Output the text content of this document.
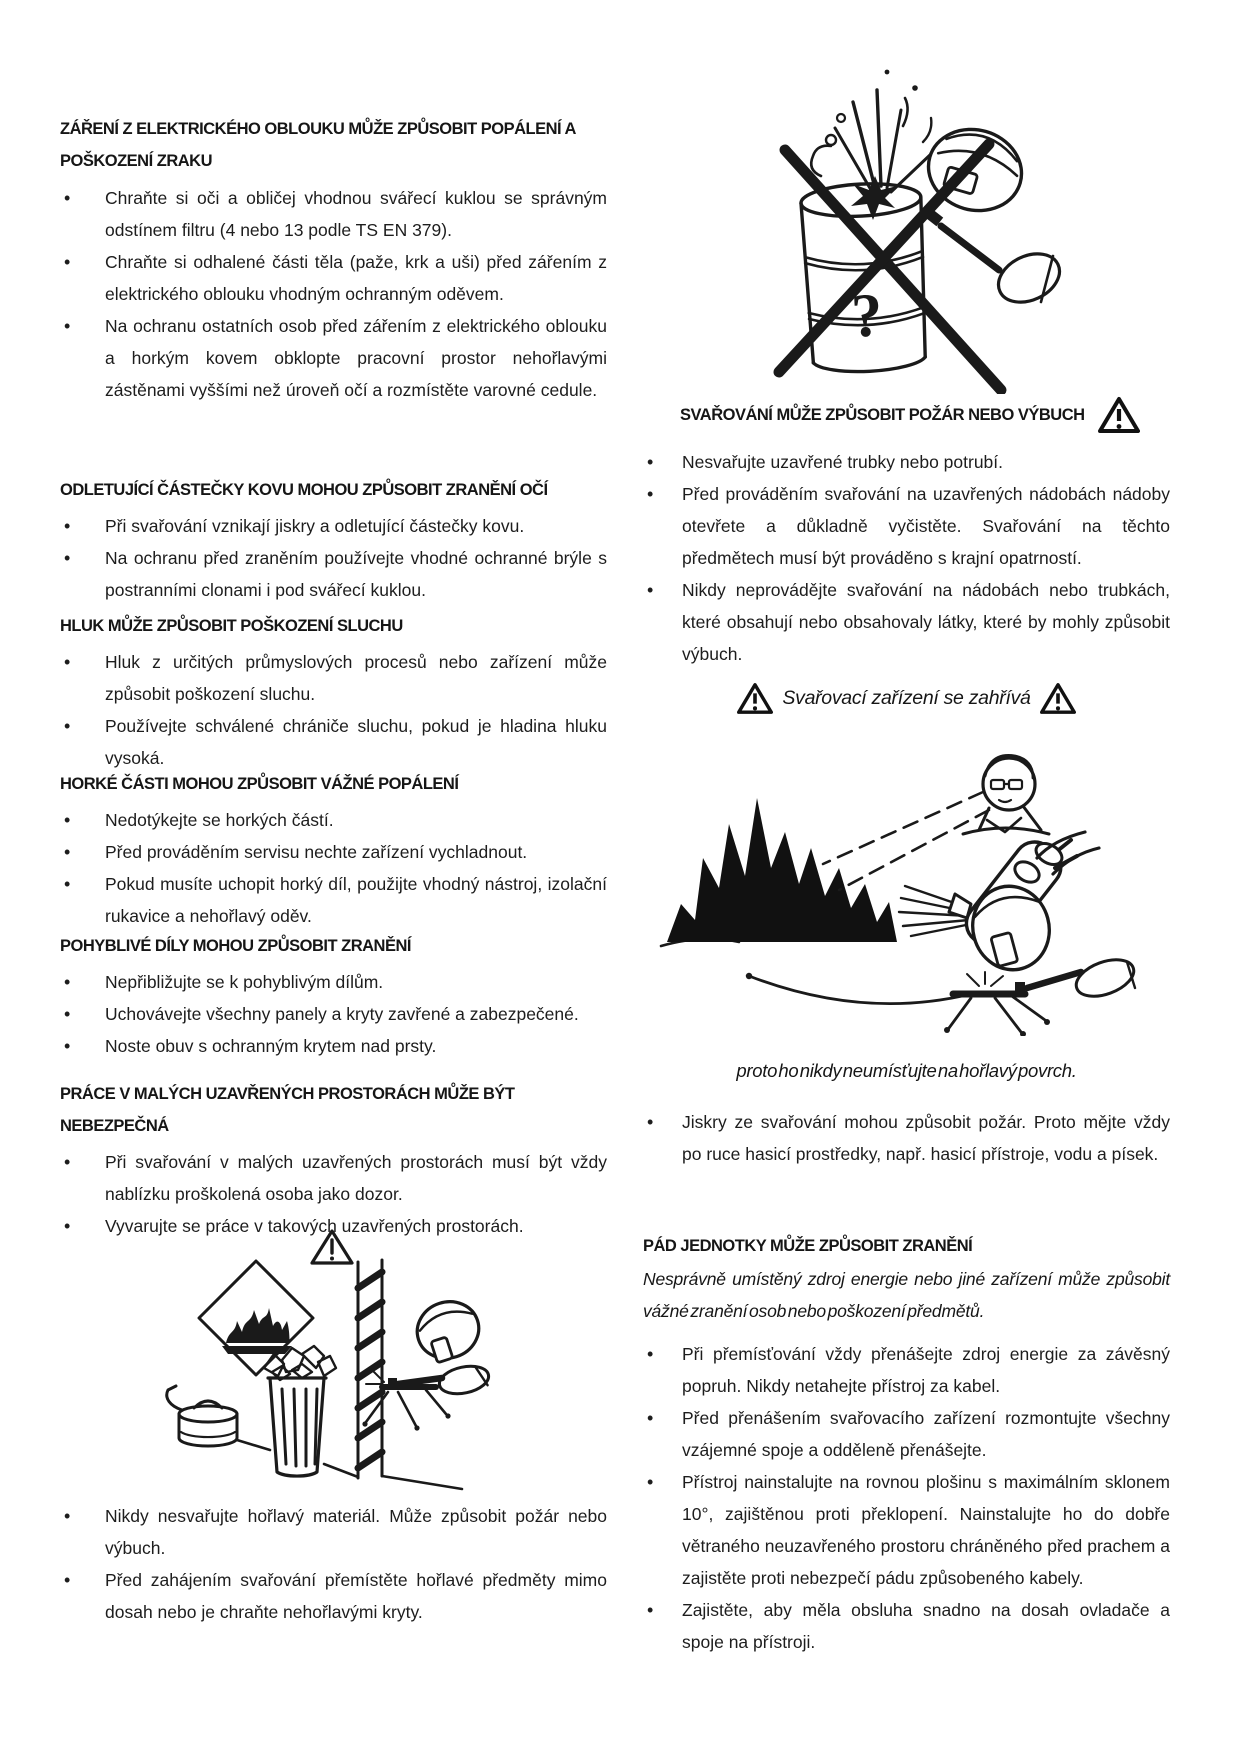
ZÁŘENÍ Z ELEKTRICKÉHO OBLOUKU MŮŽE ZPŮSOBIT POPÁLENÍ A
POŠKOZENÍ ZRAKU
• Chraňte si oči a obličej vhodnou svářecí kuklou se správným odstínem filtru (4 nebo 13 podle TS EN 379).
• Chraňte si odhalené části těla (paže, krk a uši) před zářením z elektrického oblouku vhodným ochranným oděvem.
• Na ochranu ostatních osob před zářením z elektrického oblouku a horkým kovem obklopte pracovní prostor nehořlavými zástěnami vyššími než úroveň očí a rozmístěte varovné cedule.
ODLETUJÍCÍ ČÁSTEČKY KOVU MOHOU ZPŮSOBIT ZRANĚNÍ OČÍ
• Při svařování vznikají jiskry a odletující částečky kovu.
• Na ochranu před zraněním používejte vhodné ochranné brýle s postranními clonami i pod svářecí kuklou.
HLUK MŮŽE ZPŮSOBIT POŠKOZENÍ SLUCHU
• Hluk z určitých průmyslových procesů nebo zařízení může způsobit poškození sluchu.
• Používejte schválené chrániče sluchu, pokud je hladina hluku vysoká.
HORKÉ ČÁSTI MOHOU ZPŮSOBIT VÁŽNÉ POPÁLENÍ
• Nedotýkejte se horkých částí.
• Před prováděním servisu nechte zařízení vychladnout.
• Pokud musíte uchopit horký díl, použijte vhodný nástroj, izolační rukavice a nehořlavý oděv.
POHYBLIVÉ DÍLY MOHOU ZPŮSOBIT ZRANĚNÍ
• Nepřibližujte se k pohyblivým dílům.
• Uchovávejte všechny panely a kryty zavřené a zabezpečené.
• Noste obuv s ochranným krytem nad prsty.
PRÁCE V MALÝCH UZAVŘENÝCH PROSTORÁCH MŮŽE BÝT
NEBEZPEČNÁ
• Při svařování v malých uzavřených prostorách musí být vždy nablízku proškolená osoba jako dozor.
• Vyvarujte se práce v takových uzavřených prostorách.
• Nikdy nesvařujte hořlavý materiál. Může způsobit požár nebo výbuch.
• Před zahájením svařování přemístěte hořlavé předměty mimo dosah nebo je chraňte nehořlavými kryty.
?
SVAŘOVÁNÍ MŮŽE ZPŮSOBIT POŽÁR NEBO VÝBUCH
• Nesvařujte uzavřené trubky nebo potrubí.
• Před prováděním svařování na uzavřených nádobách nádoby otevřete a důkladně vyčistěte. Svařování na těchto předmětech musí být prováděno s krajní opatrností.
• Nikdy neprovádějte svařování na nádobách nebo trubkách, které obsahují nebo obsahovaly látky, které by mohly způsobit výbuch.
Svařovací zařízení se zahřívá
proto ho nikdy neumísťujte na hořlavý povrch.
• Jiskry ze svařování mohou způsobit požár. Proto mějte vždy po ruce hasicí prostředky, např. hasicí přístroje, vodu a písek.
PÁD JEDNOTKY MŮŽE ZPŮSOBIT ZRANĚNÍ
Nesprávně umístěný zdroj energie nebo jiné zařízení může způsobit vážné zranění osob nebo poškození předmětů.
• Při přemísťování vždy přenášejte zdroj energie za závěsný popruh. Nikdy netahejte přístroj za kabel.
• Před přenášením svařovacího zařízení rozmontujte všechny vzájemné spoje a odděleně přenášejte.
• Přístroj nainstalujte na rovnou plošinu s maximálním sklonem 10°, zajištěnou proti překlopení. Nainstalujte ho do dobře větraného neuzavřeného prostoru chráněného před prachem a zajistěte proti nebezpečí pádu způsobeného kabely.
• Zajistěte, aby měla obsluha snadno na dosah ovladače a spoje na přístroji.
